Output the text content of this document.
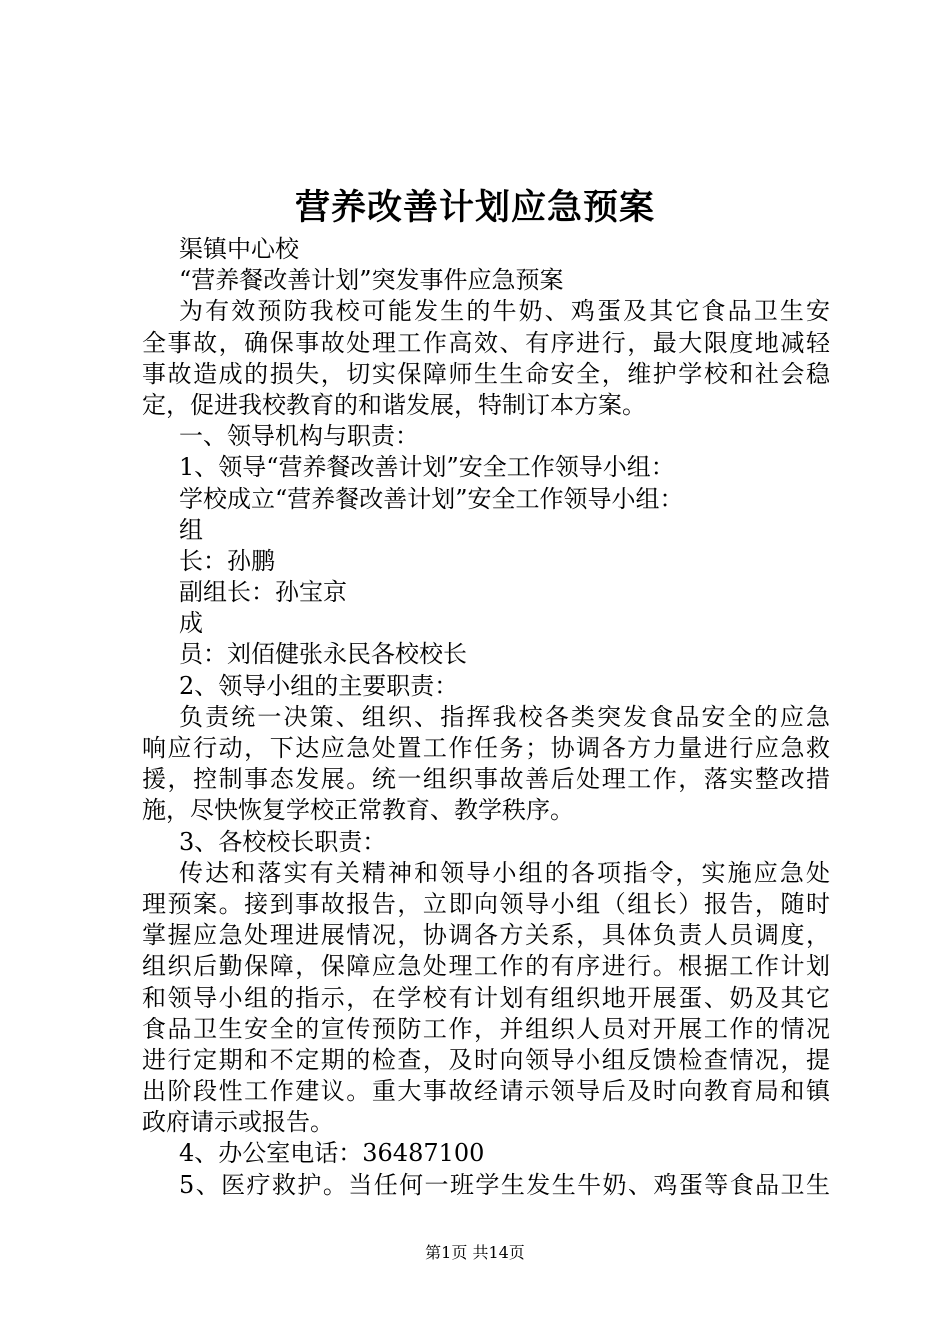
营养改善计划应急预案
渠镇中心校
“营养餐改善计划”突发事件应急预案
为有效预防我校可能发生的牛奶、鸡蛋及其它食品卫生安
全事故，确保事故处理工作高效、有序进行，最大限度地减轻
事故造成的损失，切实保障师生生命安全，维护学校和社会稳
定，促进我校教育的和谐发展，特制订本方案。
一、领导机构与职责：
1、领导“营养餐改善计划”安全工作领导小组：
学校成立“营养餐改善计划”安全工作领导小组：
组
长：孙鹏
副组长：孙宝京
成
员：刘佰健张永民各校校长
2、领导小组的主要职责：
负责统一决策、组织、指挥我校各类突发食品安全的应急
响应行动，下达应急处置工作任务；协调各方力量进行应急救
援，控制事态发展。统一组织事故善后处理工作，落实整改措
施，尽快恢复学校正常教育、教学秩序。
3、各校校长职责：
传达和落实有关精神和领导小组的各项指令，实施应急处
理预案。接到事故报告，立即向领导小组（组长）报告，随时
掌握应急处理进展情况，协调各方关系，具体负责人员调度，
组织后勤保障，保障应急处理工作的有序进行。根据工作计划
和领导小组的指示，在学校有计划有组织地开展蛋、奶及其它
食品卫生安全的宣传预防工作，并组织人员对开展工作的情况
进行定期和不定期的检查，及时向领导小组反馈检查情况，提
出阶段性工作建议。重大事故经请示领导后及时向教育局和镇
政府请示或报告。
4、办公室电话：36487100
5、医疗救护。当任何一班学生发生牛奶、鸡蛋等食品卫生
第1页 共14页
